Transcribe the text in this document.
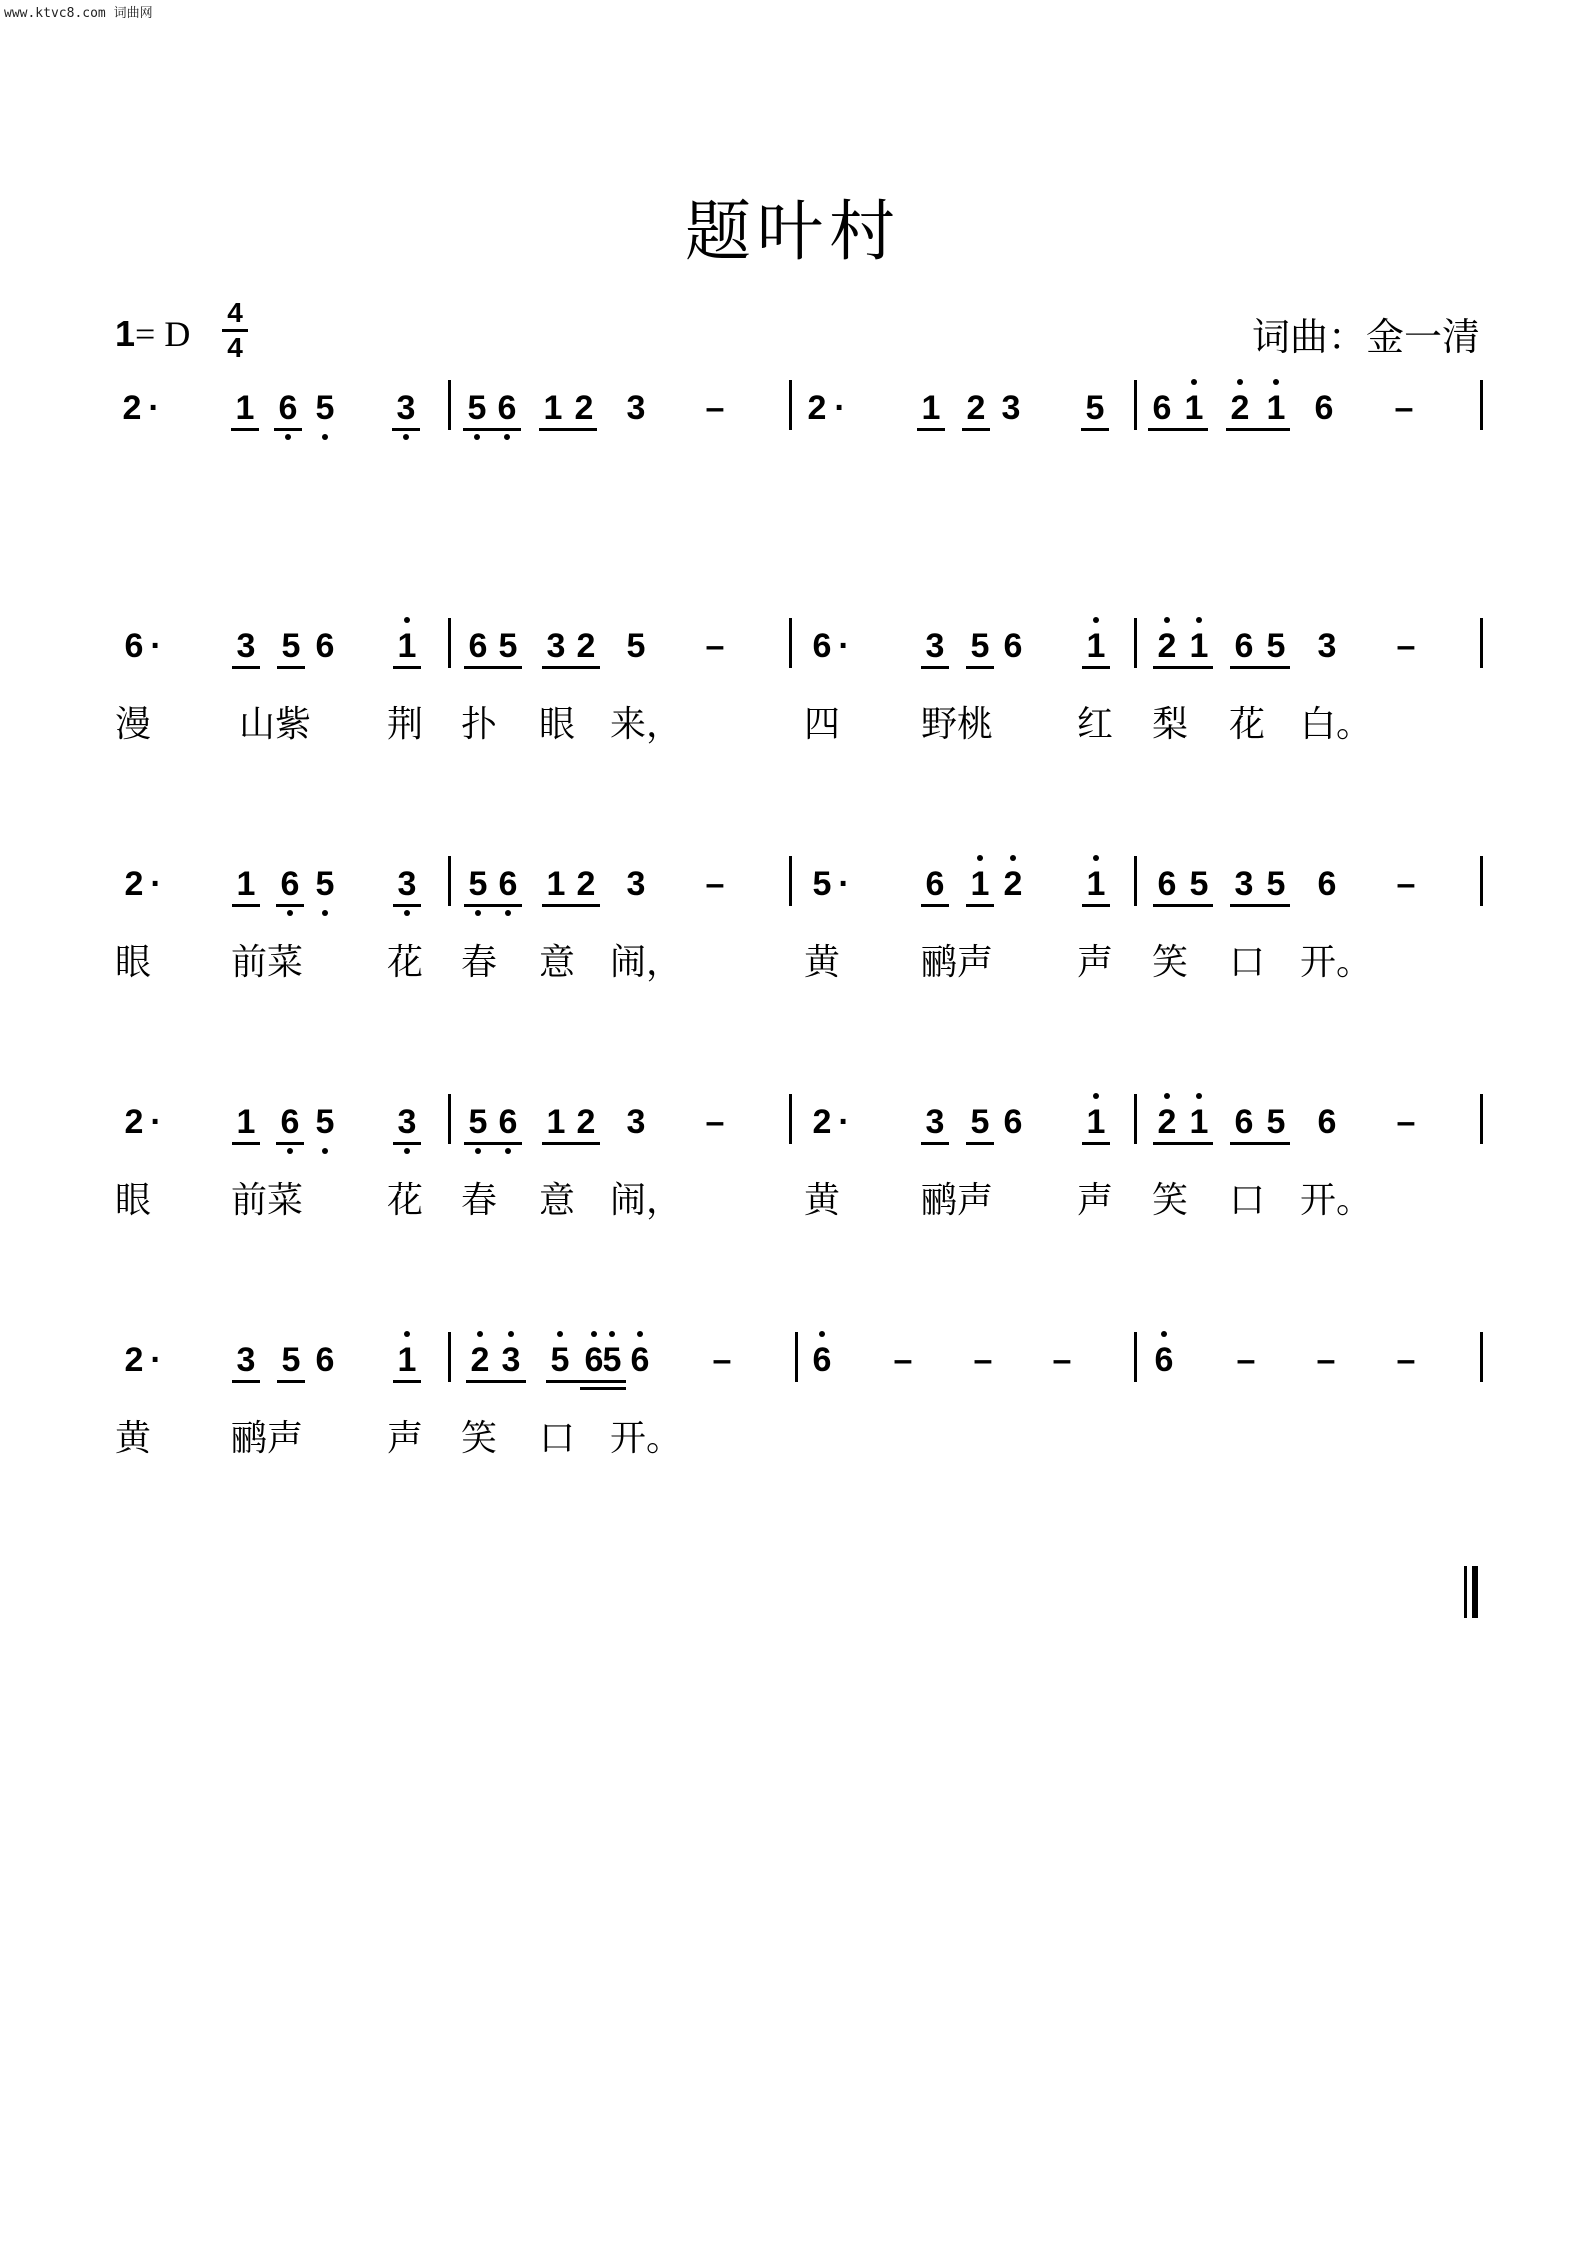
www.ktvc8.com 词曲网
题叶村
1= D
4
4	词曲：金一清
2 · 1 6 5 3 5 6 1 2 3 – 2 · 1 2 3 5 6 1 2 1 6 –
6 · 3 5 6 1 6 5 3 2 5 –	6 · 3 5 6 1 2 1 6 5 3 –
漫 山紫 荆 扑 眼 来，	四 野桃 红 梨 花 白。
2 · 1 6 5 3 5 6 1 2 3 –	5 · 6 1 2 1 6 5 3 5 6 –
眼 前菜 花 春 意 闹，	黄 鹂声 声 笑 口 开。
2 · 1 6 5 3 5 6 1 2 3 –	2 · 3 5 6 1 2 1 6 5 6 –
眼 前菜 花 春 意 闹，	黄 鹂声 声 笑 口 开。
2 · 3 5 6 1 2 3 5 6 5 6 – 6 – – – 6 – – –
黄 鹂声 声 笑 口 开。
